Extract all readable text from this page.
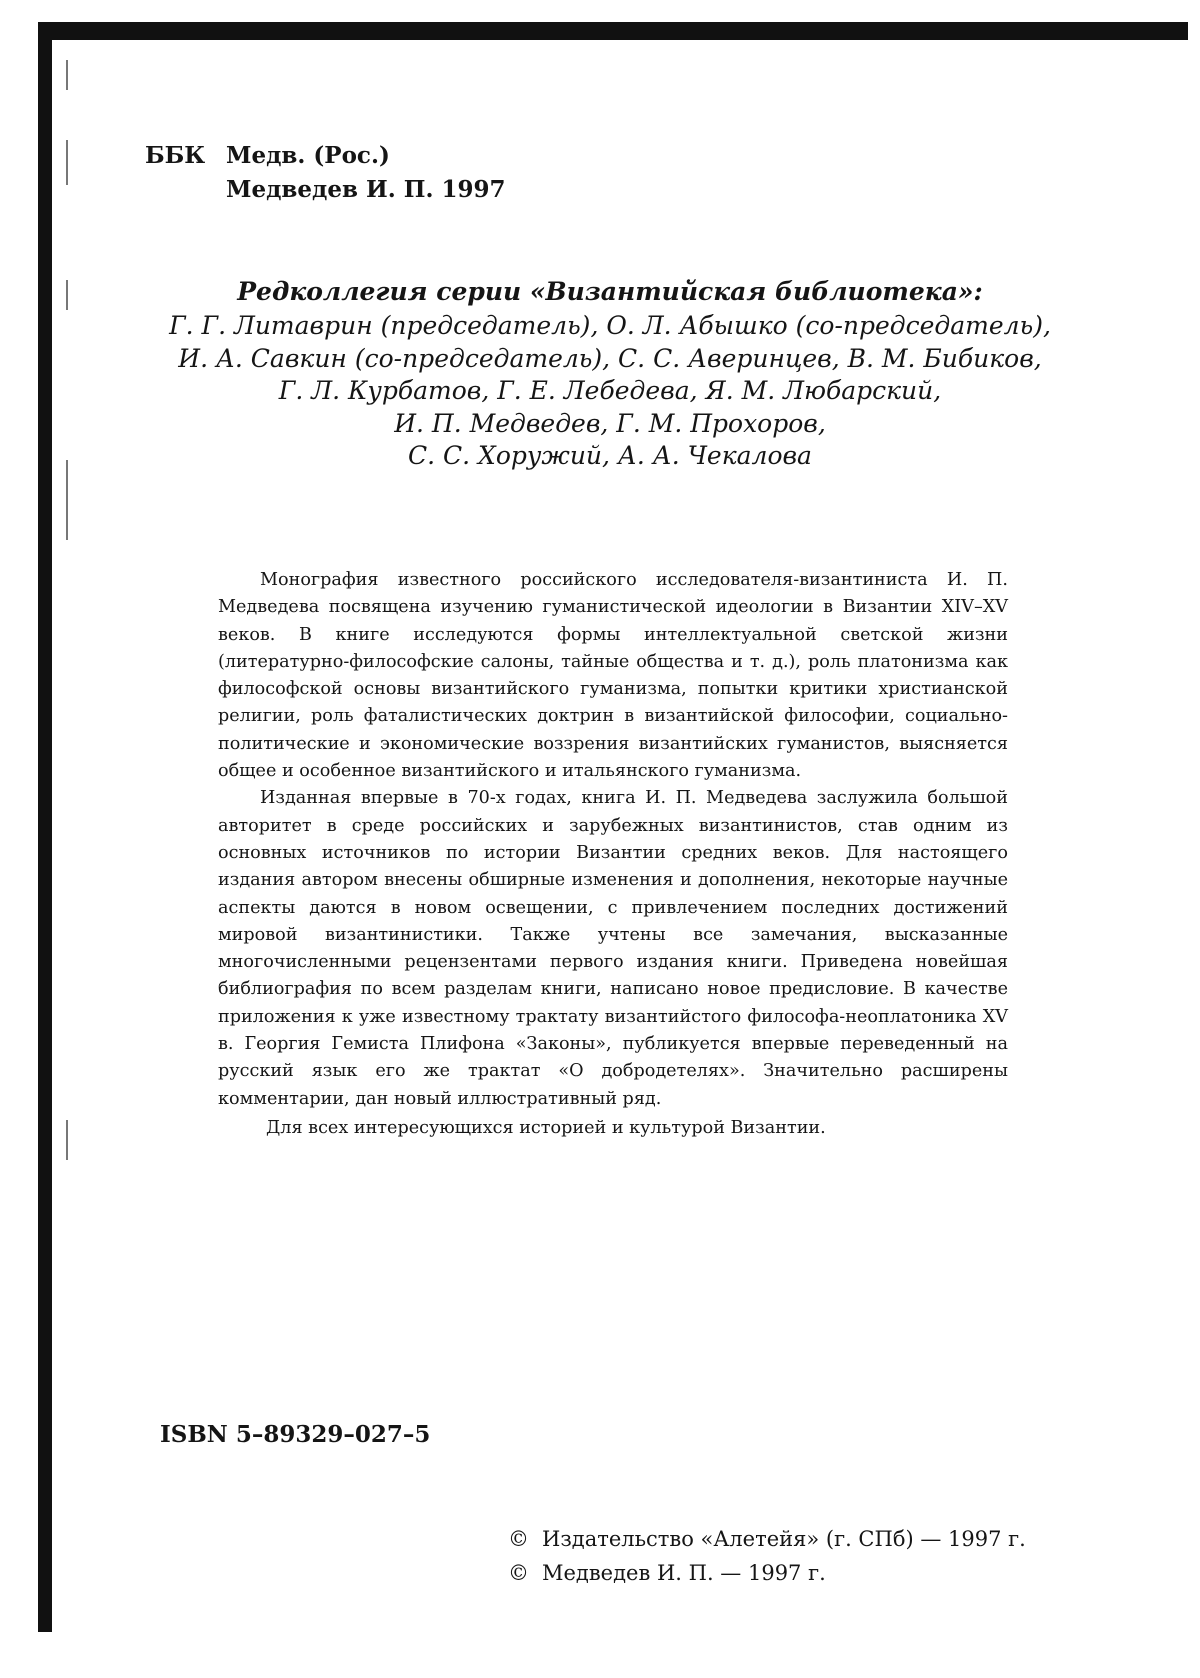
ББК Медв. (Рос.)
Медведев И. П. 1997
Редколлегия серии «Византийская библиотека»:
Г. Г. Литаврин (председатель), О. Л. Абышко (со-председатель),
И. А. Савкин (со-председатель), С. С. Аверинцев, В. М. Бибиков,
Г. Л. Курбатов, Г. Е. Лебедева, Я. М. Любарский,
И. П. Медведев, Г. М. Прохоров,
С. С. Хоружий, А. А. Чекалова

Монография известного российского исследователя-византиниста И. П. Медведева посвящена изучению гуманистической идеологии в Византии XIV–XV веков. В книге исследуются формы интеллектуальной светской жизни (литературно-философские салоны, тайные общества и т. д.), роль платонизма как философской основы византийского гуманизма, попытки критики христианской религии, роль фаталистических доктрин в византийской философии, социально-политические и экономические воззрения византийских гуманистов, выясняется общее и особенное византийского и итальянского гуманизма.

Изданная впервые в 70-х годах, книга И. П. Медведева заслужила большой авторитет в среде российских и зарубежных византинистов, став одним из основных источников по истории Византии средних веков. Для настоящего издания автором внесены обширные изменения и дополнения, некоторые научные аспекты даются в новом освещении, с привлечением последних достижений мировой византинистики. Также учтены все замечания, высказанные многочисленными рецензентами первого издания книги. Приведена новейшая библиография по всем разделам книги, написано новое предисловие. В качестве приложения к уже известному трактату византийстого философа-неоплатоника XV в. Георгия Гемиста Плифона «Законы», публикуется впервые переведенный на русский язык его же трактат «О добродетелях». Значительно расширены комментарии, дан новый иллюстративный ряд.

Для всех интересующихся историей и культурой Византии.

ISBN 5–89329–027–5
© Издательство «Алетейя» (г. СПб) — 1997 г.
© Медведев И. П. — 1997 г.
